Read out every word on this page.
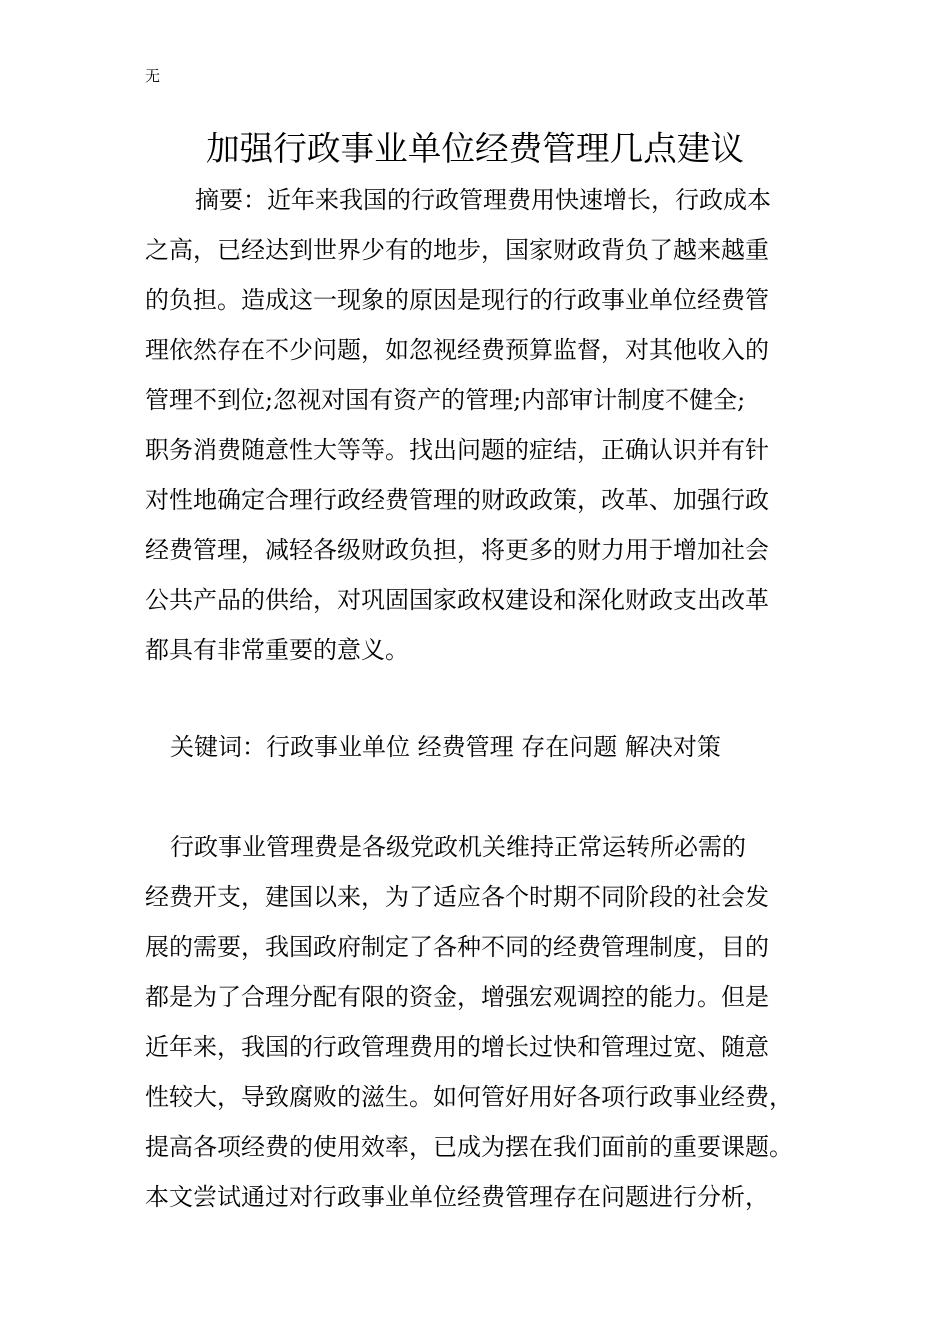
无
加强行政事业单位经费管理几点建议
摘要：近年来我国的行政管理费用快速增长，行政成本
之高，已经达到世界少有的地步，国家财政背负了越来越重
的负担。造成这一现象的原因是现行的行政事业单位经费管
理依然存在不少问题，如忽视经费预算监督，对其他收入的
管理不到位;忽视对国有资产的管理;内部审计制度不健全;
职务消费随意性大等等。找出问题的症结，正确认识并有针
对性地确定合理行政经费管理的财政政策，改革、加强行政
经费管理，减轻各级财政负担，将更多的财力用于增加社会
公共产品的供给，对巩固国家政权建设和深化财政支出改革
都具有非常重要的意义。
关键词：行政事业单位 经费管理 存在问题 解决对策
行政事业管理费是各级党政机关维持正常运转所必需的
经费开支，建国以来，为了适应各个时期不同阶段的社会发
展的需要，我国政府制定了各种不同的经费管理制度，目的
都是为了合理分配有限的资金，增强宏观调控的能力。但是
近年来，我国的行政管理费用的增长过快和管理过宽、随意
性较大，导致腐败的滋生。如何管好用好各项行政事业经费，
提高各项经费的使用效率，已成为摆在我们面前的重要课题。
本文尝试通过对行政事业单位经费管理存在问题进行分析，
